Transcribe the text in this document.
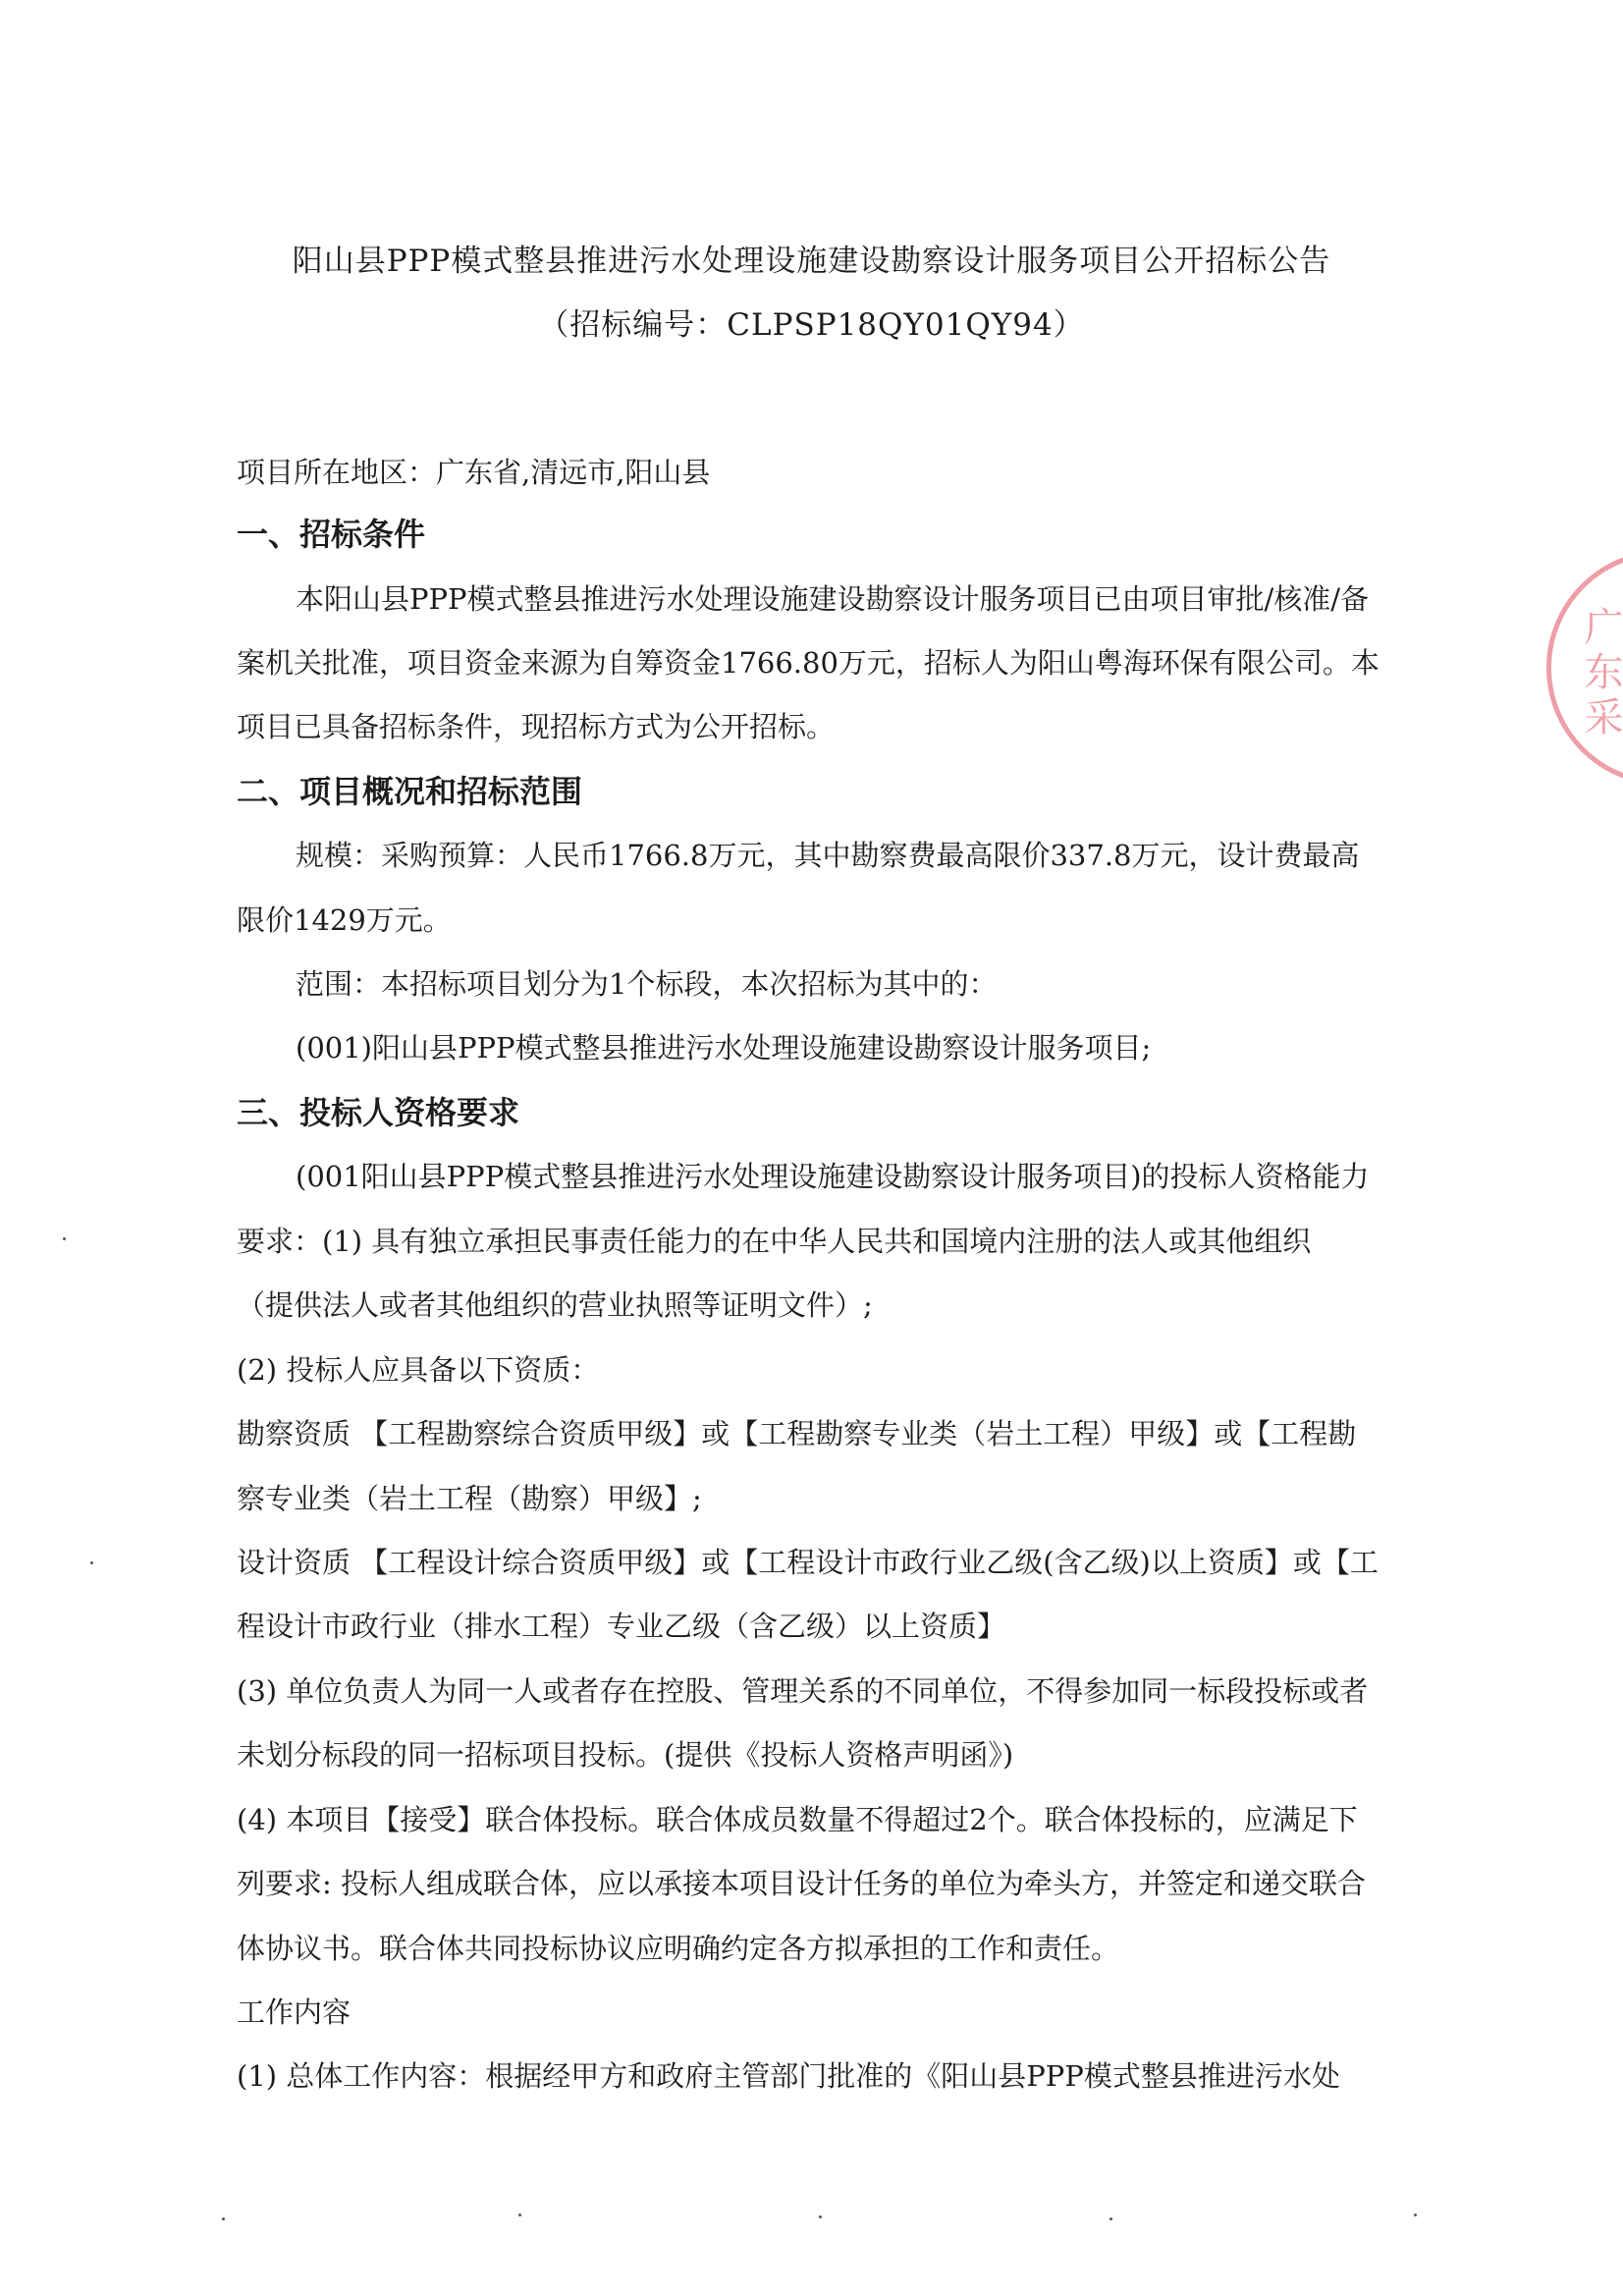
阳山县PPP模式整县推进污水处理设施建设勘察设计服务项目公开招标公告
（招标编号：CLPSP18QY01QY94）
项目所在地区：广东省,清远市,阳山县
一、招标条件
本阳山县PPP模式整县推进污水处理设施建设勘察设计服务项目已由项目审批/核准/备
案机关批准，项目资金来源为自筹资金1766.80万元，招标人为阳山粤海环保有限公司。本
项目已具备招标条件，现招标方式为公开招标。
二、项目概况和招标范围
规模：采购预算：人民币1766.8万元，其中勘察费最高限价337.8万元，设计费最高
限价1429万元。
范围：本招标项目划分为1个标段，本次招标为其中的：
(001)阳山县PPP模式整县推进污水处理设施建设勘察设计服务项目;
三、投标人资格要求
(001阳山县PPP模式整县推进污水处理设施建设勘察设计服务项目)的投标人资格能力
要求：(1) 具有独立承担民事责任能力的在中华人民共和国境内注册的法人或其他组织
（提供法人或者其他组织的营业执照等证明文件）;
(2) 投标人应具备以下资质：
勘察资质 【工程勘察综合资质甲级】或【工程勘察专业类（岩土工程）甲级】或【工程勘
察专业类（岩土工程（勘察）甲级】;
设计资质 【工程设计综合资质甲级】或【工程设计市政行业乙级(含乙级)以上资质】或【工
程设计市政行业（排水工程）专业乙级（含乙级）以上资质】
(3) 单位负责人为同一人或者存在控股、管理关系的不同单位，不得参加同一标段投标或者
未划分标段的同一招标项目投标。(提供《投标人资格声明函》)
(4) 本项目【接受】联合体投标。联合体成员数量不得超过2个。联合体投标的，应满足下
列要求: 投标人组成联合体，应以承接本项目设计任务的单位为牵头方，并签定和递交联合
体协议书。联合体共同投标协议应明确约定各方拟承担的工作和责任。
工作内容
(1) 总体工作内容：根据经甲方和政府主管部门批准的《阳山县PPP模式整县推进污水处
广东采
